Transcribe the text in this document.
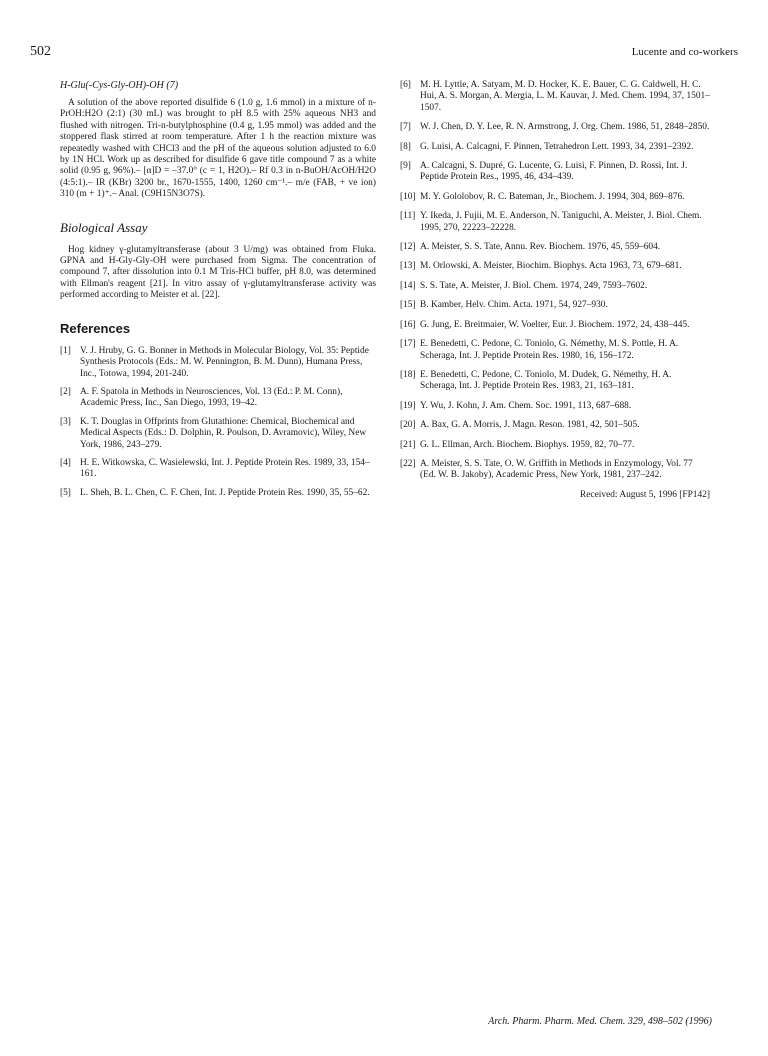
502	Lucente and co-workers
H-Glu(-Cys-Gly-OH)-OH (7)

A solution of the above reported disulfide 6 (1.0 g, 1.6 mmol) in a mixture of n-PrOH:H2O (2:1) (30 mL) was brought to pH 8.5 with 25% aqueous NH3 and flushed with nitrogen. Tri-n-butylphosphine (0.4 g, 1.95 mmol) was added and the stoppered flask stirred at room temperature. After 1 h the reaction mixture was repeatedly washed with CHCl3 and the pH of the aqueous solution adjusted to 6.0 by 1N HCl. Work up as described for disulfide 6 gave title compound 7 as a white solid (0.95 g, 96%).– [α]D = –37.0° (c = 1, H2O).– Rf 0.3 in n-BuOH/AcOH/H2O (4:5:1).– IR (KBr) 3200 br., 1670-1555, 1400, 1260 cm⁻¹.– m/e (FAB, + ve ion) 310 (m + 1)⁺.– Anal. (C9H15N3O7S).

Biological Assay

Hog kidney γ-glutamyltransferase (about 3 U/mg) was obtained from Fluka. GPNA and H-Gly-Gly-OH were purchased from Sigma. The concentration of compound 7, after dissolution into 0.1 M Tris-HCl buffer, pH 8.0, was determined with Ellman's reagent [21]. In vitro assay of γ-glutamyltransferase activity was performed according to Meister et al. [22].

References
[1] V. J. Hruby, G. G. Bonner in Methods in Molecular Biology, Vol. 35: Peptide Synthesis Protocols (Eds.: M. W. Pennington, B. M. Dunn), Humana Press, Inc., Totowa, 1994, 201-240.
[2] A. F. Spatola in Methods in Neurosciences, Vol. 13 (Ed.: P. M. Conn), Academic Press, Inc., San Diego, 1993, 19–42.
[3] K. T. Douglas in Offprints from Glutathione: Chemical, Biochemical and Medical Aspects (Eds.: D. Dolphin, R. Poulson, D. Avramovic), Wiley, New York, 1986, 243–279.
[4] H. E. Witkowska, C. Wasielewski, Int. J. Peptide Protein Res. 1989, 33, 154–161.
[5] L. Sheh, B. L. Chen, C. F. Chen, Int. J. Peptide Protein Res. 1990, 35, 55–62.
[6] M. H. Lyttle, A. Satyam, M. D. Hocker, K. E. Bauer, C. G. Caldwell, H. C. Hui, A. S. Morgan, A. Mergia, L. M. Kauvar, J. Med. Chem. 1994, 37, 1501–1507.
[7] W. J. Chen, D. Y. Lee, R. N. Armstrong, J. Org. Chem. 1986, 51, 2848–2850.
[8] G. Luisi, A. Calcagni, F. Pinnen, Tetrahedron Lett. 1993, 34, 2391–2392.
[9] A. Calcagni, S. Dupré, G. Lucente, G. Luisi, F. Pinnen, D. Rossi, Int. J. Peptide Protein Res., 1995, 46, 434–439.
[10] M. Y. Gololobov, R. C. Bateman, Jr., Biochem. J. 1994, 304, 869–876.
[11] Y. Ikeda, J. Fujii, M. E. Anderson, N. Taniguchi, A. Meister, J. Biol. Chem. 1995, 270, 22223–22228.
[12] A. Meister, S. S. Tate, Annu. Rev. Biochem. 1976, 45, 559–604.
[13] M. Orlowski, A. Meister, Biochim. Biophys. Acta 1963, 73, 679–681.
[14] S. S. Tate, A. Meister, J. Biol. Chem. 1974, 249, 7593–7602.
[15] B. Kamber, Helv. Chim. Acta. 1971, 54, 927–930.
[16] G. Jung, E. Breitmaier, W. Voelter, Eur. J. Biochem. 1972, 24, 438–445.
[17] E. Benedetti, C. Pedone, C. Toniolo, G. Némethy, M. S. Pottle, H. A. Scheraga, Int. J. Peptide Protein Res. 1980, 16, 156–172.
[18] E. Benedetti, C. Pedone, C. Toniolo, M. Dudek, G. Némethy, H. A. Scheraga, Int. J. Peptide Protein Res. 1983, 21, 163–181.
[19] Y. Wu, J. Kohn, J. Am. Chem. Soc. 1991, 113, 687–688.
[20] A. Bax, G. A. Morris, J. Magn. Reson. 1981, 42, 501–505.
[21] G. L. Ellman, Arch. Biochem. Biophys. 1959, 82, 70–77.
[22] A. Meister, S. S. Tate, O. W. Griffith in Methods in Enzymology, Vol. 77 (Ed. W. B. Jakoby), Academic Press, New York, 1981, 237–242.
Received: August 5, 1996 [FP142]
Arch. Pharm. Pharm. Med. Chem. 329, 498–502 (1996)
